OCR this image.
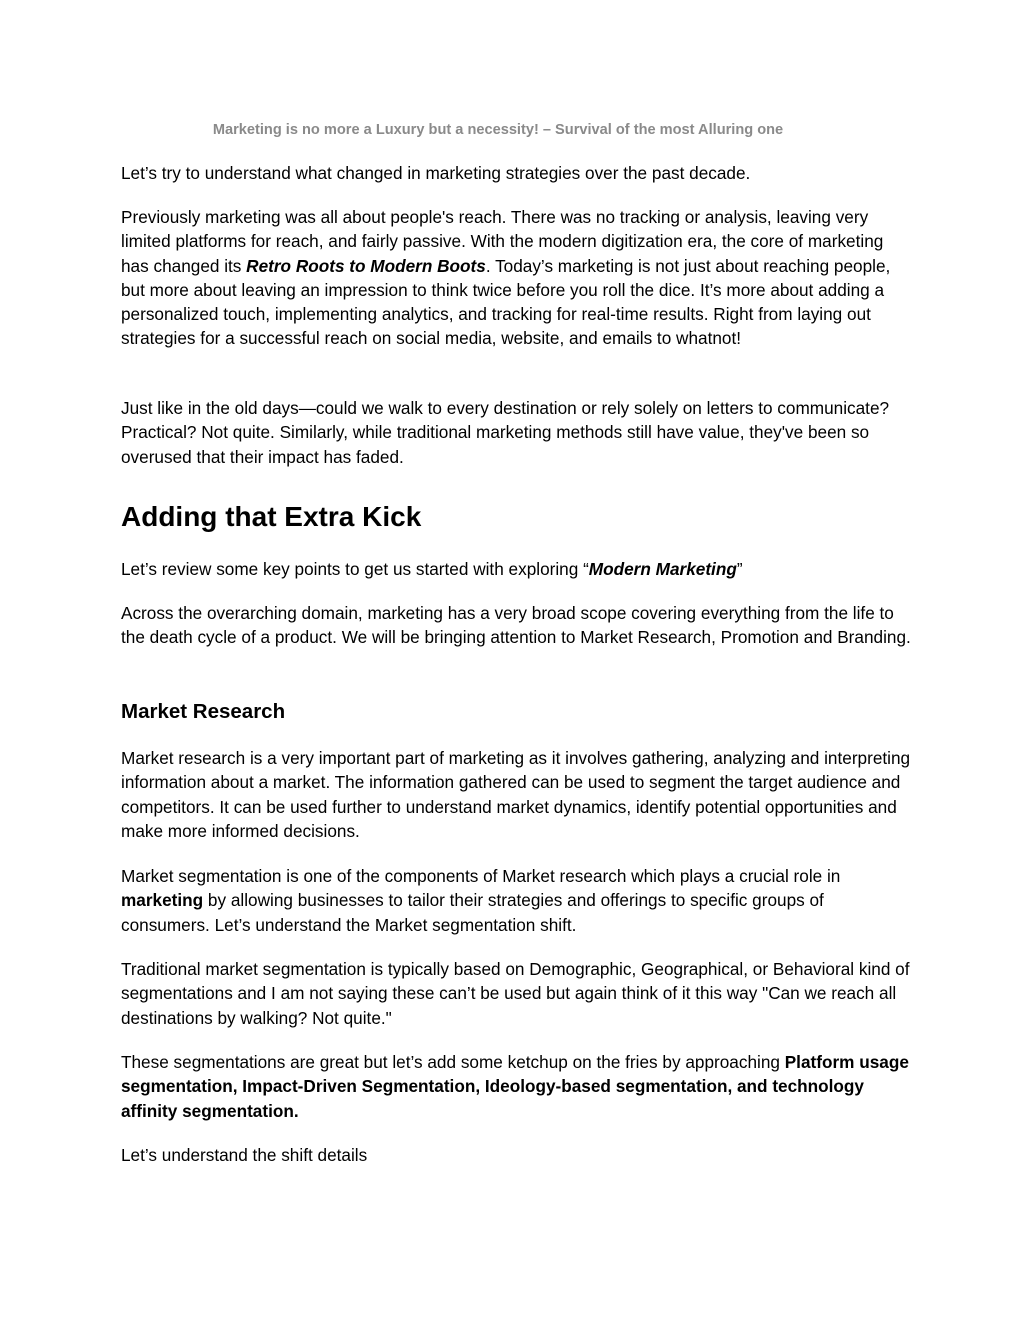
Marketing is no more a Luxury but a necessity! – Survival of the most Alluring one

Let’s try to understand what changed in marketing strategies over the past decade.

Previously marketing was all about people's reach. There was no tracking or analysis, leaving very limited platforms for reach, and fairly passive. With the modern digitization era, the core of marketing has changed its Retro Roots to Modern Boots. Today’s marketing is not just about reaching people, but more about leaving an impression to think twice before you roll the dice. It’s more about adding a personalized touch, implementing analytics, and tracking for real-time results. Right from laying out strategies for a successful reach on social media, website, and emails to whatnot!

Just like in the old days—could we walk to every destination or rely solely on letters to communicate? Practical? Not quite. Similarly, while traditional marketing methods still have value, they've been so overused that their impact has faded.

Adding that Extra Kick

Let’s review some key points to get us started with exploring “Modern Marketing”

Across the overarching domain, marketing has a very broad scope covering everything from the life to the death cycle of a product. We will be bringing attention to Market Research, Promotion and Branding.

Market Research

Market research is a very important part of marketing as it involves gathering, analyzing and interpreting information about a market. The information gathered can be used to segment the target audience and competitors. It can be used further to understand market dynamics, identify potential opportunities and make more informed decisions.

Market segmentation is one of the components of Market research which plays a crucial role in marketing by allowing businesses to tailor their strategies and offerings to specific groups of consumers. Let’s understand the Market segmentation shift.

Traditional market segmentation is typically based on Demographic, Geographical, or Behavioral kind of segmentations and I am not saying these can’t be used but again think of it this way "Can we reach all destinations by walking? Not quite."

These segmentations are great but let’s add some ketchup on the fries by approaching Platform usage segmentation, Impact-Driven Segmentation, Ideology-based segmentation, and technology affinity segmentation.

Let’s understand the shift details
